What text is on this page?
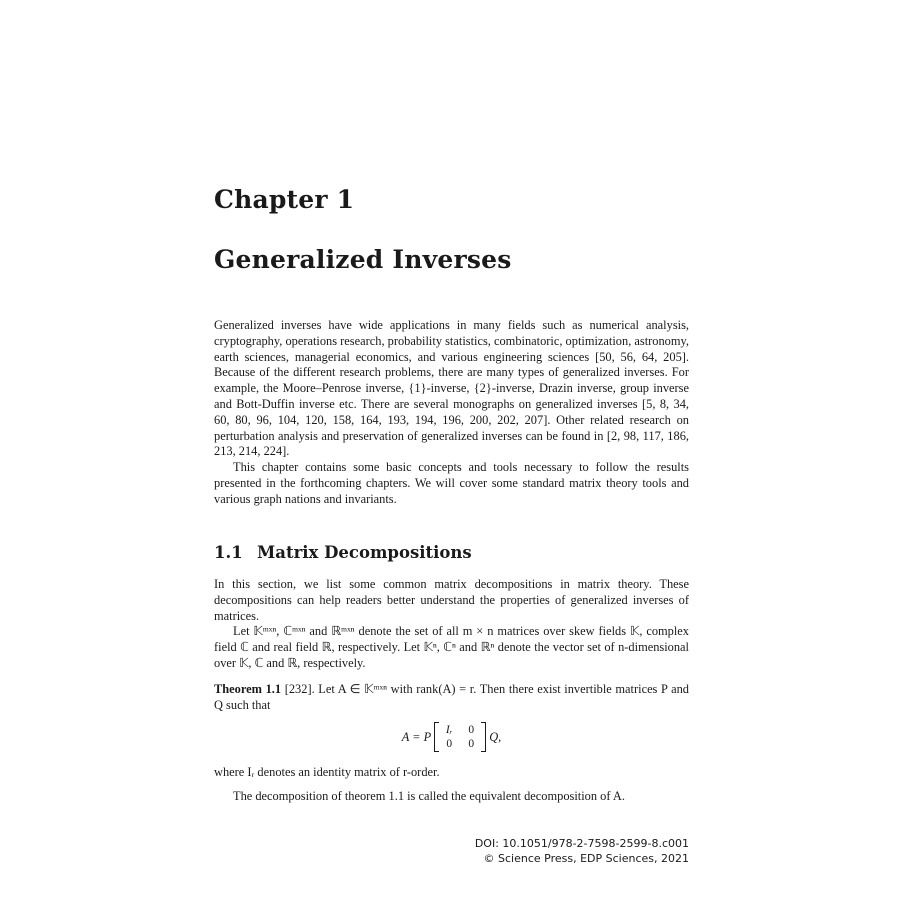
Chapter 1
Generalized Inverses

Generalized inverses have wide applications in many fields such as numerical analysis, cryptography, operations research, probability statistics, combinatoric, optimization, astronomy, earth sciences, managerial economics, and various engineering sciences [50, 56, 64, 205]. Because of the different research problems, there are many types of generalized inverses. For example, the Moore–Penrose inverse, {1}-inverse, {2}-inverse, Drazin inverse, group inverse and Bott-Duffin inverse etc. There are several monographs on generalized inverses [5, 8, 34, 60, 80, 96, 104, 120, 158, 164, 193, 194, 196, 200, 202, 207]. Other related research on perturbation analysis and preservation of generalized inverses can be found in [2, 98, 117, 186, 213, 214, 224].

This chapter contains some basic concepts and tools necessary to follow the results presented in the forthcoming chapters. We will cover some standard matrix theory tools and various graph nations and invariants.

1.1 Matrix Decompositions

In this section, we list some common matrix decompositions in matrix theory. These decompositions can help readers better understand the properties of generalized inverses of matrices.

Let 𝕂ᵐˣⁿ, ℂᵐˣⁿ and ℝᵐˣⁿ denote the set of all m × n matrices over skew fields 𝕂, complex field ℂ and real field ℝ, respectively. Let 𝕂ⁿ, ℂⁿ and ℝⁿ denote the vector set of n-dimensional over 𝕂, ℂ and ℝ, respectively.

Theorem 1.1 [232]. Let A ∈ 𝕂ᵐˣⁿ with rank(A) = r. Then there exist invertible matrices P and Q such that

A = P	Iᵣ	0
0	0
Q,

where Iᵣ denotes an identity matrix of r-order.

The decomposition of theorem 1.1 is called the equivalent decomposition of A.

DOI: 10.1051/978-2-7598-2599-8.c001
© Science Press, EDP Sciences, 2021
